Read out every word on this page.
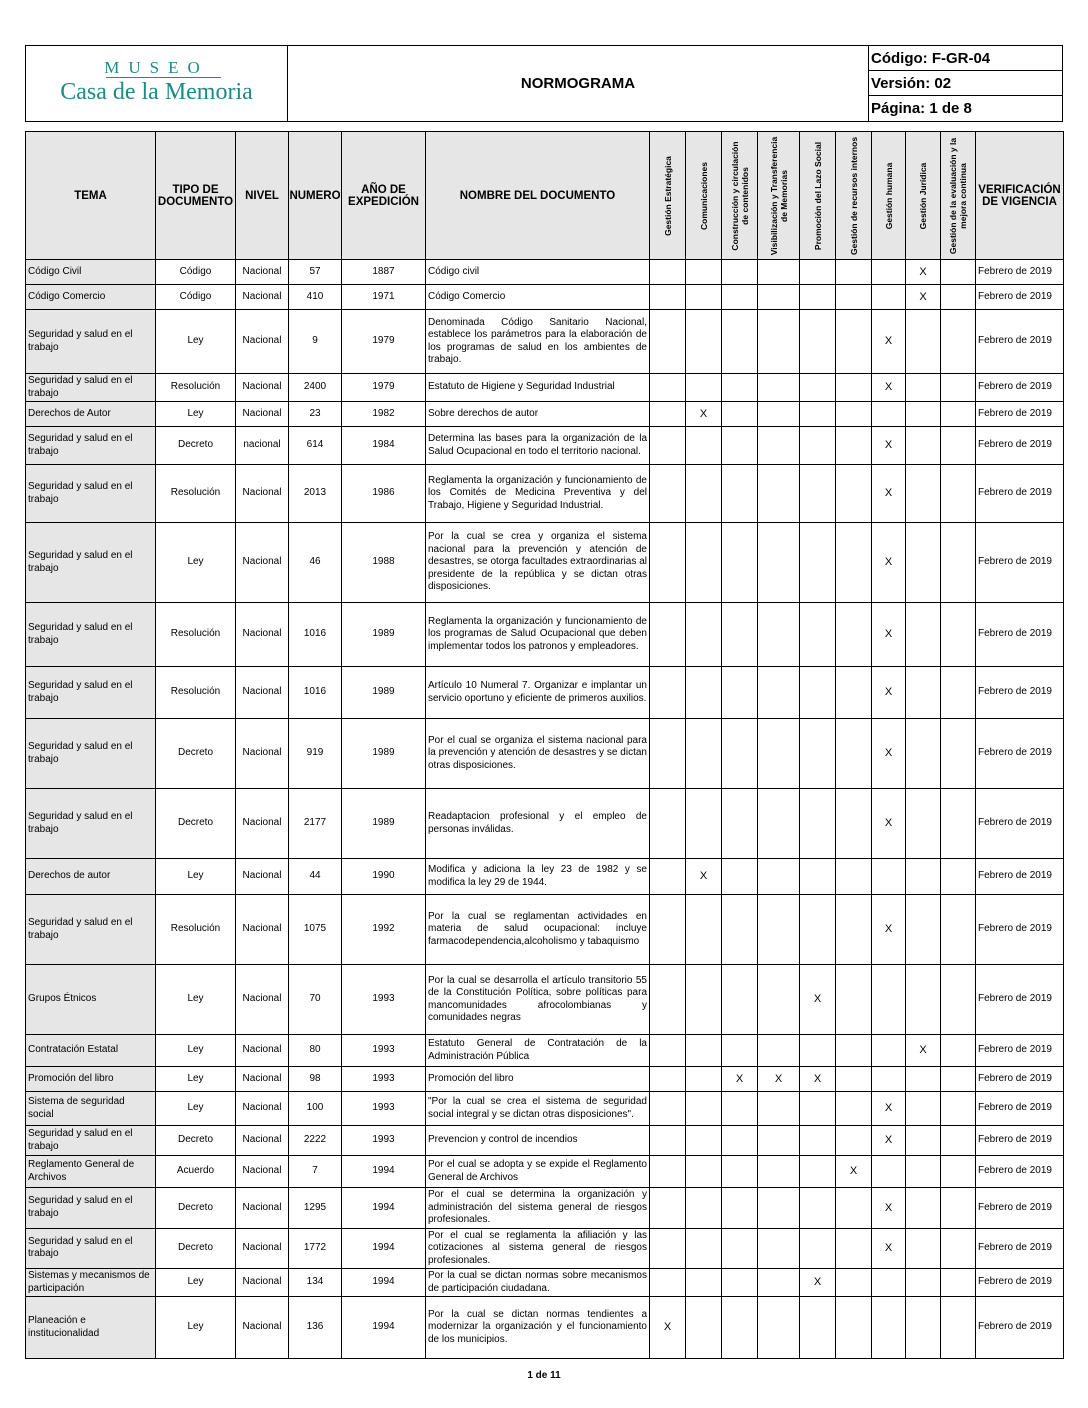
MUSEO
Casa de la Memoria	NORMOGRAMA
Código: F-GR-04
Versión: 02
Página: 1 de 8
TEMA	TIPO DE DOCUMENTO	NIVEL	NUMERO	AÑO DE EXPEDICIÓN	NOMBRE DEL DOCUMENTO	Gestión Estratégica	Comunicaciones	Construcción y circulación de contenidos	Visibilización y Transferencia de Memorias	Promoción del Lazo Social	Gestión de recursos internos	Gestión humana	Gestión Jurídica	Gestión de la evaluación y la mejora continua	VERIFICACIÓN DE VIGENCIA
Código Civil	Código	Nacional	57	1887	Código civil								X		Febrero de 2019
Código Comercio	Código	Nacional	410	1971	Código Comercio								X		Febrero de 2019
Seguridad y salud en el trabajo	Ley	Nacional	9	1979	Denominada Código Sanitario Nacional, establece los parámetros para la elaboración de los programas de salud en los ambientes de trabajo.							X			Febrero de 2019
Seguridad y salud en el trabajo	Resolución	Nacional	2400	1979	Estatuto de Higiene y Seguridad Industrial							X			Febrero de 2019
Derechos de Autor	Ley	Nacional	23	1982	Sobre derechos de autor		X								Febrero de 2019
Seguridad y salud en el trabajo	Decreto	nacional	614	1984	Determina las bases para la organización de la Salud Ocupacional en todo el territorio nacional.							X			Febrero de 2019
Seguridad y salud en el trabajo	Resolución	Nacional	2013	1986	Reglamenta la organización y funcionamiento de los Comités de Medicina Preventiva y del Trabajo, Higiene y Seguridad Industrial.							X			Febrero de 2019
Seguridad y salud en el trabajo	Ley	Nacional	46	1988	Por la cual se crea y organiza el sistema nacional para la prevención y atención de desastres, se otorga facultades extraordinarias al presidente de la república y se dictan otras disposiciones.							X			Febrero de 2019
Seguridad y salud en el trabajo	Resolución	Nacional	1016	1989	Reglamenta la organización y funcionamiento de los programas de Salud Ocupacional que deben implementar todos los patronos y empleadores.							X			Febrero de 2019
Seguridad y salud en el trabajo	Resolución	Nacional	1016	1989	Artículo 10 Numeral 7. Organizar e implantar un servicio oportuno y eficiente de primeros auxilios.							X			Febrero de 2019
Seguridad y salud en el trabajo	Decreto	Nacional	919	1989	Por el cual se organiza el sistema nacional para la prevención y atención de desastres y se dictan otras disposiciones.							X			Febrero de 2019
Seguridad y salud en el trabajo	Decreto	Nacional	2177	1989	Readaptacion profesional y el empleo de personas inválidas.							X			Febrero de 2019
Derechos de autor	Ley	Nacional	44	1990	Modifica y adiciona la ley 23 de 1982 y se modifica la ley 29 de 1944.		X								Febrero de 2019
Seguridad y salud en el trabajo	Resolución	Nacional	1075	1992	Por la cual se reglamentan actividades en materia de salud ocupacional: incluye farmacodependencia,alcoholismo y tabaquismo							X			Febrero de 2019
Grupos Étnicos	Ley	Nacional	70	1993	Por la cual se desarrolla el artículo transitorio 55 de la Constitución Política, sobre políticas para mancomunidades afrocolombianas y comunidades negras					X					Febrero de 2019
Contratación Estatal	Ley	Nacional	80	1993	Estatuto General de Contratación de la Administración Pública								X		Febrero de 2019
Promoción del libro	Ley	Nacional	98	1993	Promoción del libro			X	X	X					Febrero de 2019
Sistema de seguridad social	Ley	Nacional	100	1993	"Por la cual se crea el sistema de seguridad social integral y se dictan otras disposiciones".							X			Febrero de 2019
Seguridad y salud en el trabajo	Decreto	Nacional	2222	1993	Prevencion y control de incendios							X			Febrero de 2019
Reglamento General de Archivos	Acuerdo	Nacional	7	1994	Por el cual se adopta y se expide el Reglamento General de Archivos						X				Febrero de 2019
Seguridad y salud en el trabajo	Decreto	Nacional	1295	1994	Por el cual se determina la organización y administración del sistema general de riesgos profesionales.							X			Febrero de 2019
Seguridad y salud en el trabajo	Decreto	Nacional	1772	1994	Por el cual se reglamenta la afiliación y las cotizaciones al sistema general de riesgos profesionales.							X			Febrero de 2019
Sistemas y mecanismos de participación	Ley	Nacional	134	1994	Por la cual se dictan normas sobre mecanismos de participación ciudadana.					X					Febrero de 2019
Planeación e institucionalidad	Ley	Nacional	136	1994	Por la cual se dictan normas tendientes a modernizar la organización y el funcionamiento de los municipios.	X									Febrero de 2019
1 de 11
